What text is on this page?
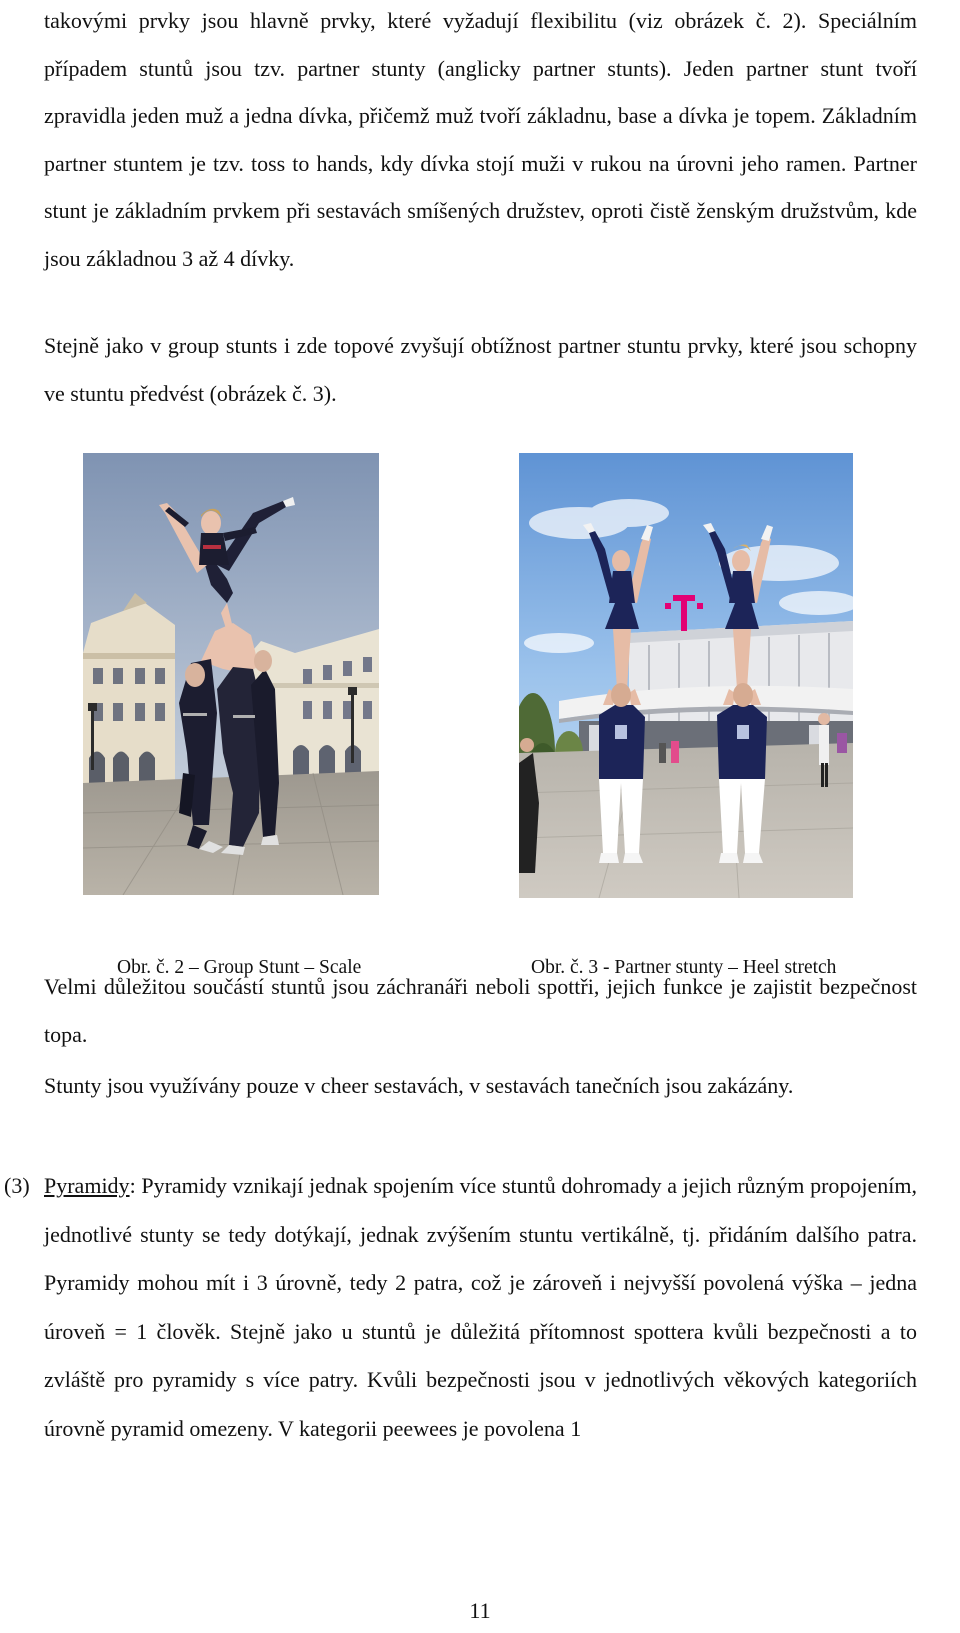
takovými prvky jsou hlavně prvky, které vyžadují flexibilitu (viz obrázek č. 2). Speciálním případem stuntů jsou tzv. partner stunty (anglicky partner stunts). Jeden partner stunt tvoří zpravidla jeden muž a jedna dívka, přičemž muž tvoří základnu, base a dívka je topem. Základním partner stuntem je tzv. toss to hands, kdy dívka stojí muži v rukou na úrovni jeho ramen. Partner stunt je základním prvkem při sestavách smíšených družstev, oproti čistě ženským družstvům, kde jsou základnou 3 až 4 dívky.

Stejně jako v group stunts i zde topové zvyšují obtížnost partner stuntu prvky, které jsou schopny ve stuntu předvést (obrázek č. 3).

T
Obr. č. 2 – Group Stunt – Scale	Obr. č. 3 - Partner stunty – Heel stretch

Velmi důležitou součástí stuntů jsou záchranáři neboli spottři, jejich funkce je zajistit bezpečnost topa.

Stunty jsou využívány pouze v cheer sestavách, v sestavách tanečních jsou zakázány.

(3) Pyramidy: Pyramidy vznikají jednak spojením více stuntů dohromady a jejich různým propojením, jednotlivé stunty se tedy dotýkají, jednak zvýšením stuntu vertikálně, tj. přidáním dalšího patra. Pyramidy mohou mít i 3 úrovně, tedy 2 patra, což je zároveň i nejvyšší povolená výška – jedna úroveň = 1 člověk. Stejně jako u stuntů je důležitá přítomnost spottera kvůli bezpečnosti a to zvláště pro pyramidy s více patry. Kvůli bezpečnosti jsou v jednotlivých věkových kategoriích úrovně pyramid omezeny. V kategorii peewees je povolena 1

11
